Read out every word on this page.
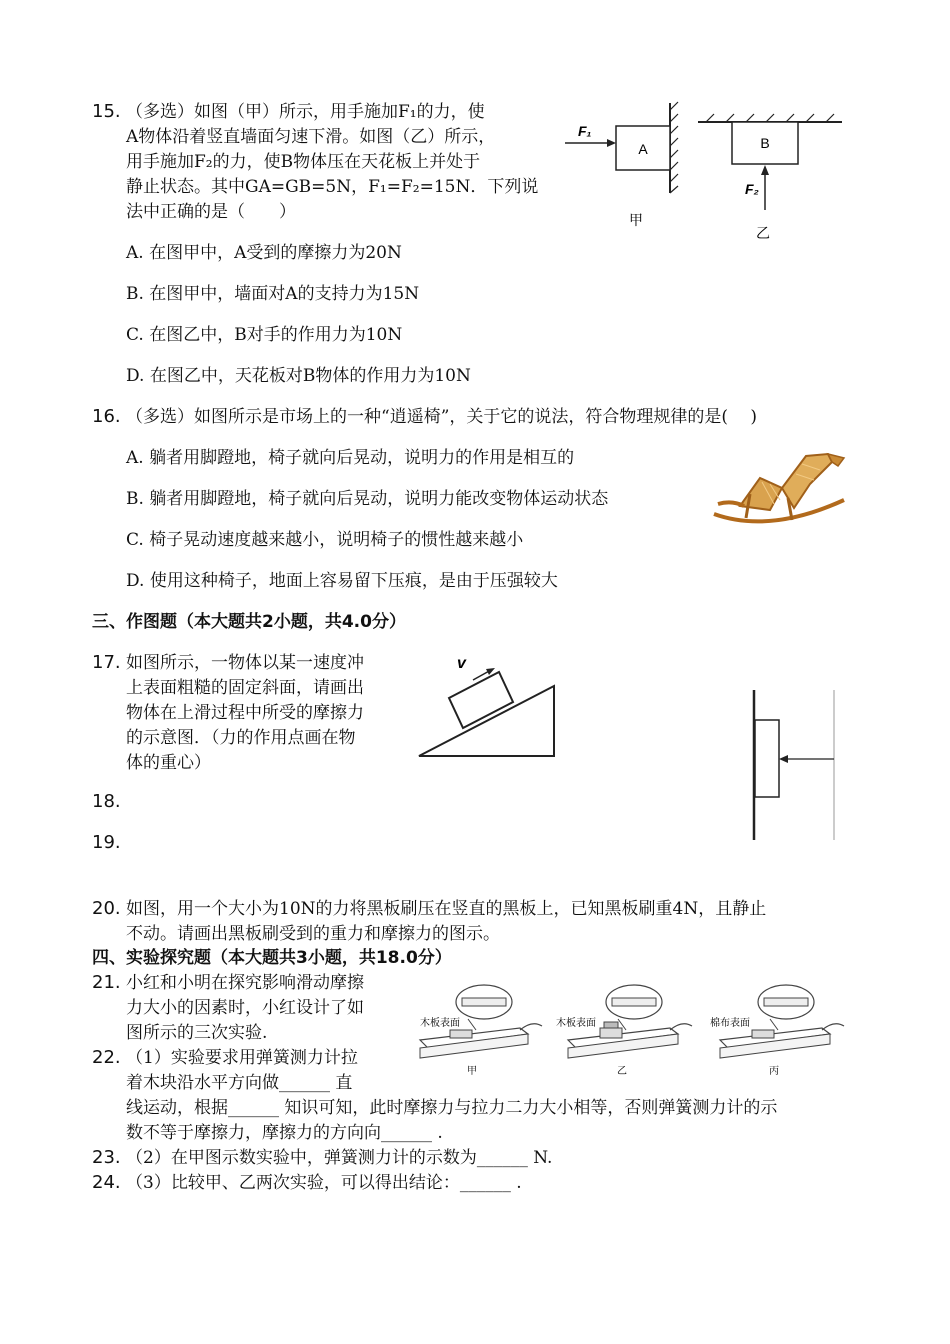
15. （多选）如图（甲）所示，用手施加F₁的力，使
A物体沿着竖直墙面匀速下滑。如图（乙）所示，
用手施加F₂的力，使B物体压在天花板上并处于
静止状态。其中GA=GB=5N，F₁=F₂=15N．下列说
法中正确的是（　　）
A
F₁
甲
B
F₂
乙
A. 在图甲中，A受到的摩擦力为20N
B. 在图甲中，墙面对A的支持力为15N
C. 在图乙中，B对手的作用力为10N
D. 在图乙中，天花板对B物体的作用力为10N
16. （多选）如图所示是市场上的一种“逍遥椅”，关于它的说法，符合物理规律的是(　 )
A. 躺者用脚蹬地，椅子就向后晃动，说明力的作用是相互的
B. 躺者用脚蹬地，椅子就向后晃动，说明力能改变物体运动状态
C. 椅子晃动速度越来越小，说明椅子的惯性越来越小
D. 使用这种椅子，地面上容易留下压痕，是由于压强较大
三、作图题（本大题共2小题，共4.0分）
17. 如图所示，一物体以某一速度冲
上表面粗糙的固定斜面，请画出
物体在上滑过程中所受的摩擦力
的示意图．（力的作用点画在物
体的重心）
v
18.
19.
20. 如图，用一个大小为10N的力将黑板刷压在竖直的黑板上，已知黑板刷重4N，且静止
不动。请画出黑板刷受到的重力和摩擦力的图示。
四、实验探究题（本大题共3小题，共18.0分）
21. 小红和小明在探究影响滑动摩擦
力大小的因素时，小红设计了如
图所示的三次实验.	木板表面
甲
木板表面
乙
棉布表面
丙
22. （1）实验要求用弹簧测力计拉
着木块沿水平方向做______ 直
线运动，根据______ 知识可知，此时摩擦力与拉力二力大小相等，否则弹簧测力计的示
数不等于摩擦力，摩擦力的方向向______ .
23. （2）在甲图示数实验中，弹簧测力计的示数为______ N.
24. （3）比较甲、乙两次实验，可以得出结论：______ .
